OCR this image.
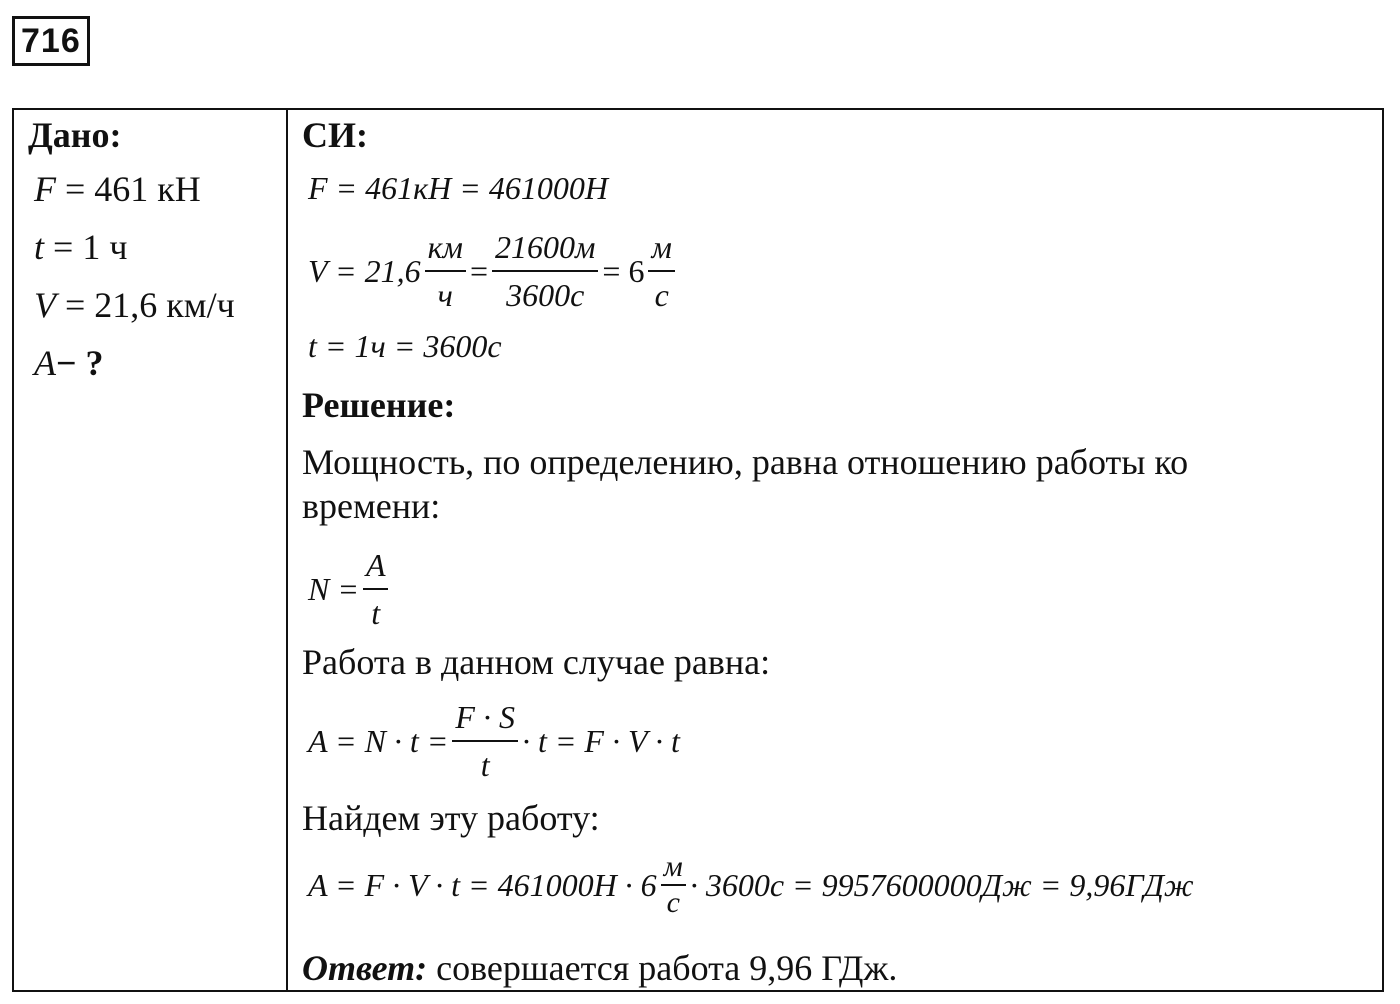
716
Дано:
F = 461 кН
t = 1 ч
V = 21,6 км/ч
A− ?
СИ:
F = 461кН = 461000Н
$V = 21,6 \frac{км}{ч} = \frac{21600м}{3600с} = 6 \frac{м}{с}$
t = 1ч = 3600с
Решение:
Мощность, по определению, равна отношению работы ко
времени:
$N = \frac{A}{t}$
Работа в данном случае равна:
$A = N \cdot t = \frac{F \cdot S}{t} \cdot t = F \cdot V \cdot t$
Найдем эту работу:
$A = F \cdot V \cdot t = 461000Н \cdot 6 \frac{м}{с} \cdot 3600с = 9957600000Дж = 9,96ГДж$
Ответ: совершается работа 9,96 ГДж.
